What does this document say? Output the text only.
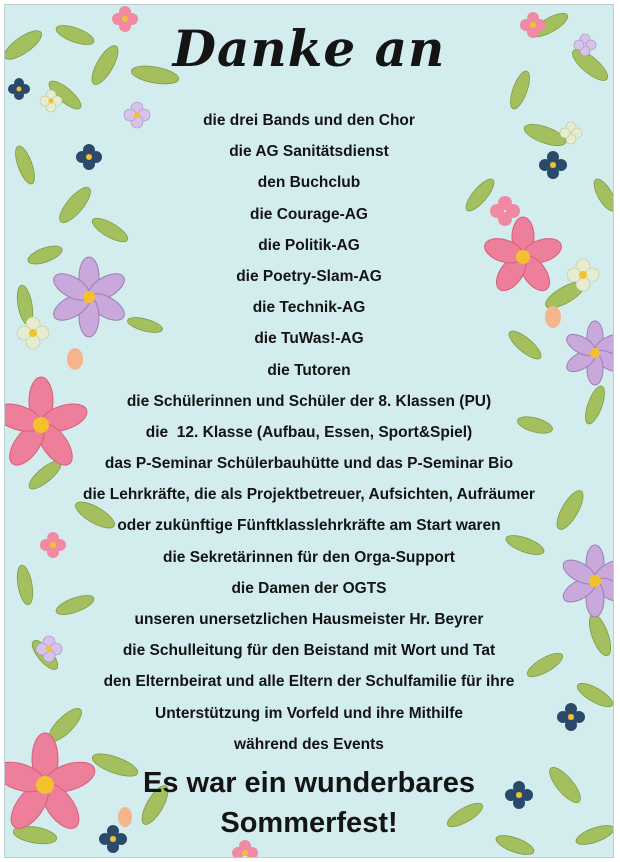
Danke an
die drei Bands und den Chor
die AG Sanitätsdienst
den Buchclub
die Courage-AG
die Politik-AG
die Poetry-Slam-AG
die Technik-AG
die TuWas!-AG
die Tutoren
die Schülerinnen und Schüler der 8. Klassen (PU)
die  12. Klasse (Aufbau, Essen, Sport&Spiel)
das P-Seminar Schülerbauhütte und das P-Seminar Bio
die Lehrkräfte, die als Projektbetreuer, Aufsichten, Aufräumer
oder zukünftige Fünftklasslehrkräfte am Start waren
die Sekretärinnen für den Orga-Support
die Damen der OGTS
unseren unersetzlichen Hausmeister Hr. Beyrer
die Schulleitung für den Beistand mit Wort und Tat
den Elternbeirat und alle Eltern der Schulfamilie für ihre
Unterstützung im Vorfeld und ihre Mithilfe
während des Events
Es war ein wunderbares
Sommerfest!
